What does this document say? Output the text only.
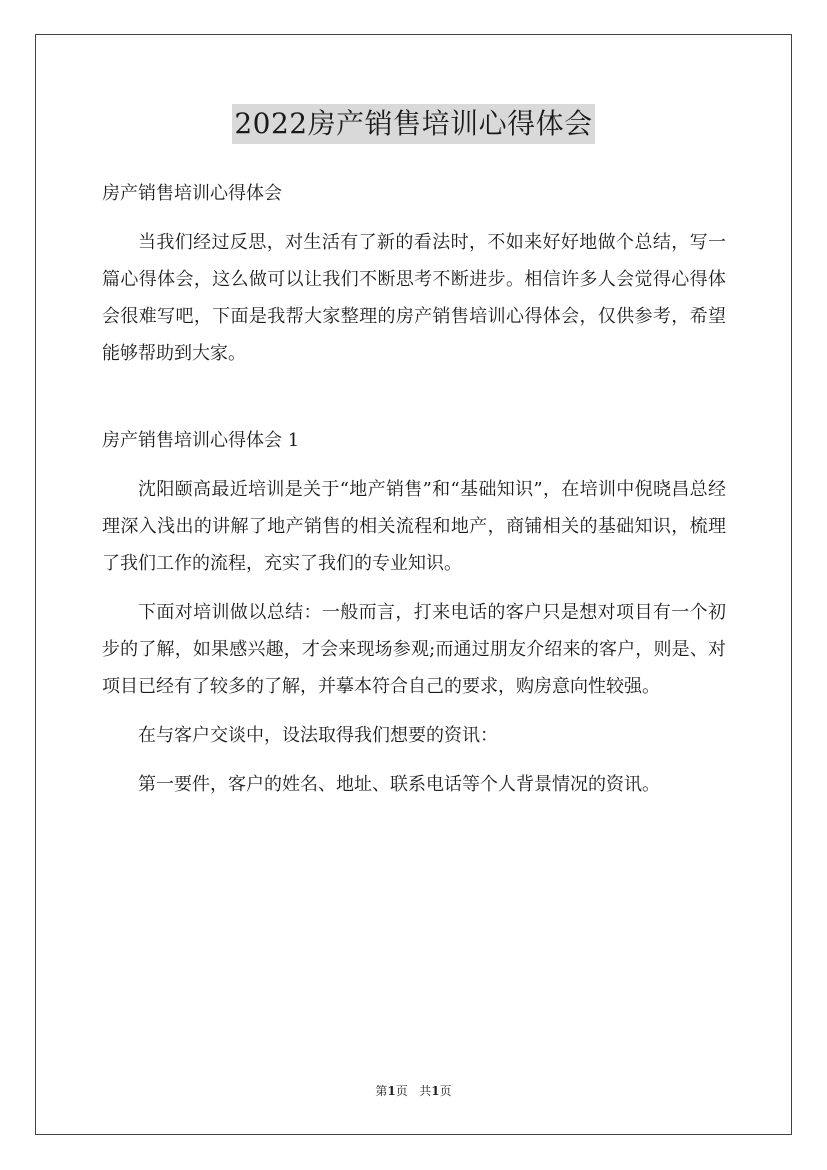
2022房产销售培训心得体会
房产销售培训心得体会

当我们经过反思，对生活有了新的看法时，不如来好好地做个总结，写一篇心得体会，这么做可以让我们不断思考不断进步。相信许多人会觉得心得体会很难写吧，下面是我帮大家整理的房产销售培训心得体会，仅供参考，希望能够帮助到大家。

房产销售培训心得体会 1

沈阳颐高最近培训是关于“地产销售”和“基础知识”，在培训中倪晓昌总经理深入浅出的讲解了地产销售的相关流程和地产，商铺相关的基础知识，梳理了我们工作的流程，充实了我们的专业知识。

下面对培训做以总结：一般而言，打来电话的客户只是想对项目有一个初步的了解，如果感兴趣，才会来现场参观;而通过朋友介绍来的客户，则是、对项目已经有了较多的了解，并摹本符合自己的要求，购房意向性较强。

在与客户交谈中，设法取得我们想要的资讯：

第一要件，客户的姓名、地址、联系电话等个人背景情况的资讯。

第1页 共1页
